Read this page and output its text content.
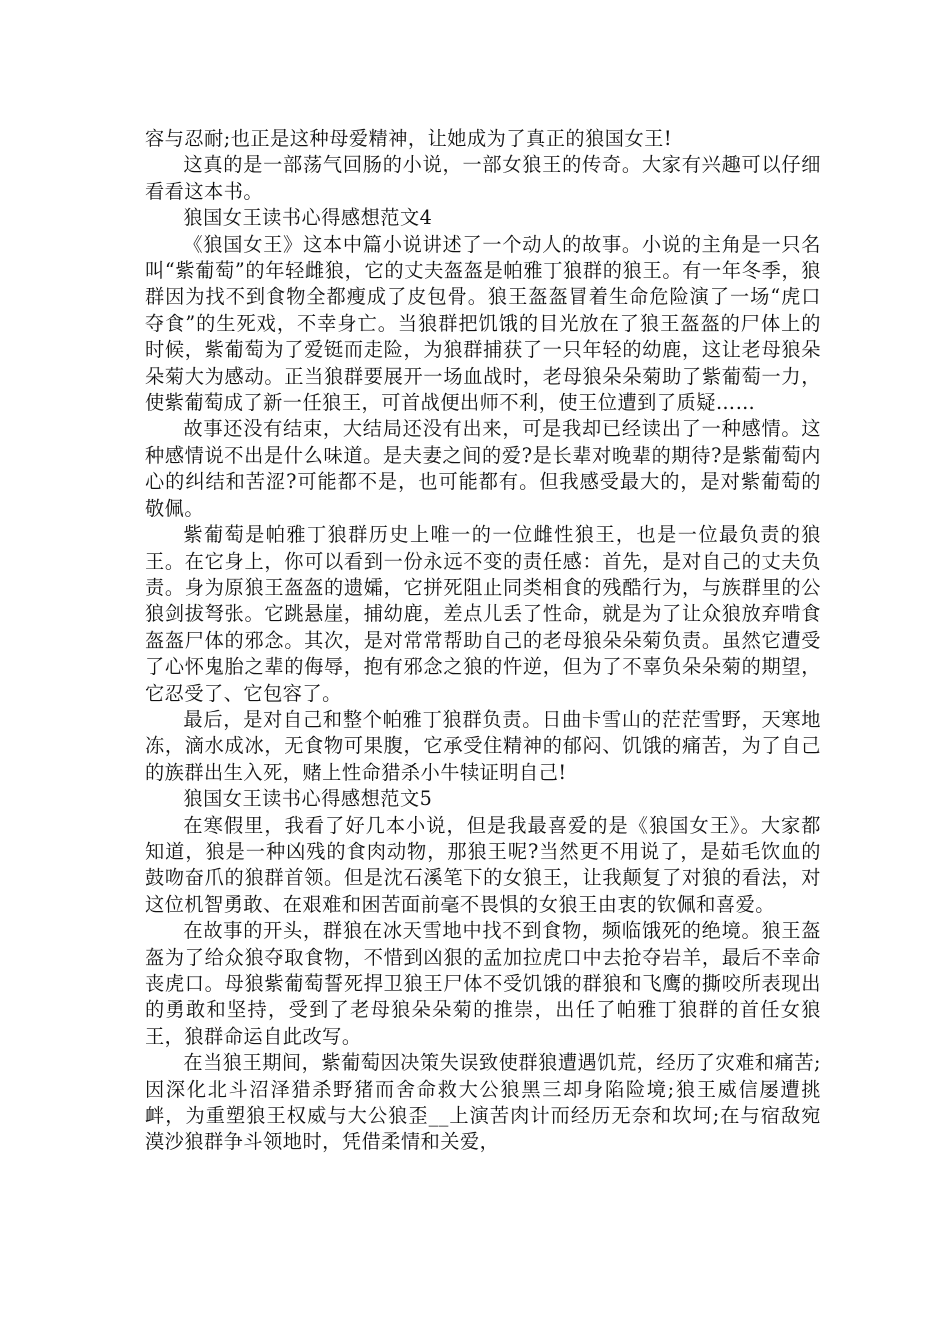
容与忍耐;也正是这种母爱精神，让她成为了真正的狼国女王!

这真的是一部荡气回肠的小说，一部女狼王的传奇。大家有兴趣可以仔细看看这本书。

狼国女王读书心得感想范文4

《狼国女王》这本中篇小说讲述了一个动人的故事。小说的主角是一只名叫“紫葡萄”的年轻雌狼，它的丈夫盔盔是帕雅丁狼群的狼王。有一年冬季，狼群因为找不到食物全都瘦成了皮包骨。狼王盔盔冒着生命危险演了一场“虎口夺食”的生死戏，不幸身亡。当狼群把饥饿的目光放在了狼王盔盔的尸体上的时候，紫葡萄为了爱铤而走险，为狼群捕获了一只年轻的幼鹿，这让老母狼朵朵菊大为感动。正当狼群要展开一场血战时，老母狼朵朵菊助了紫葡萄一力，使紫葡萄成了新一任狼王，可首战便出师不利，使王位遭到了质疑……

故事还没有结束，大结局还没有出来，可是我却已经读出了一种感情。这种感情说不出是什么味道。是夫妻之间的爱?是长辈对晚辈的期待?是紫葡萄内心的纠结和苦涩?可能都不是，也可能都有。但我感受最大的，是对紫葡萄的敬佩。

紫葡萄是帕雅丁狼群历史上唯一的一位雌性狼王，也是一位最负责的狼王。在它身上，你可以看到一份永远不变的责任感：首先，是对自己的丈夫负责。身为原狼王盔盔的遗孀，它拼死阻止同类相食的残酷行为，与族群里的公狼剑拔弩张。它跳悬崖，捕幼鹿，差点儿丢了性命，就是为了让众狼放弃啃食盔盔尸体的邪念。其次，是对常常帮助自己的老母狼朵朵菊负责。虽然它遭受了心怀鬼胎之辈的侮辱，抱有邪念之狼的忤逆，但为了不辜负朵朵菊的期望，它忍受了、它包容了。

最后，是对自己和整个帕雅丁狼群负责。日曲卡雪山的茫茫雪野，天寒地冻，滴水成冰，无食物可果腹，它承受住精神的郁闷、饥饿的痛苦，为了自己的族群出生入死，赌上性命猎杀小牛犊证明自己!

狼国女王读书心得感想范文5

在寒假里，我看了好几本小说，但是我最喜爱的是《狼国女王》。大家都知道，狼是一种凶残的食肉动物，那狼王呢?当然更不用说了，是茹毛饮血的鼓吻奋爪的狼群首领。但是沈石溪笔下的女狼王，让我颠复了对狼的看法，对这位机智勇敢、在艰难和困苦面前毫不畏惧的女狼王由衷的钦佩和喜爱。

在故事的开头，群狼在冰天雪地中找不到食物，频临饿死的绝境。狼王盔盔为了给众狼夺取食物，不惜到凶狠的孟加拉虎口中去抢夺岩羊，最后不幸命丧虎口。母狼紫葡萄誓死捍卫狼王尸体不受饥饿的群狼和飞鹰的撕咬所表现出的勇敢和坚持，受到了老母狼朵朵菊的推崇，出任了帕雅丁狼群的首任女狼王，狼群命运自此改写。

在当狼王期间，紫葡萄因决策失误致使群狼遭遇饥荒，经历了灾难和痛苦;因深化北斗沼泽猎杀野猪而舍命救大公狼黑三却身陷险境;狼王威信屡遭挑衅，为重塑狼王权威与大公狼歪__上演苦肉计而经历无奈和坎坷;在与宿敌宛漠沙狼群争斗领地时，凭借柔情和关爱，
